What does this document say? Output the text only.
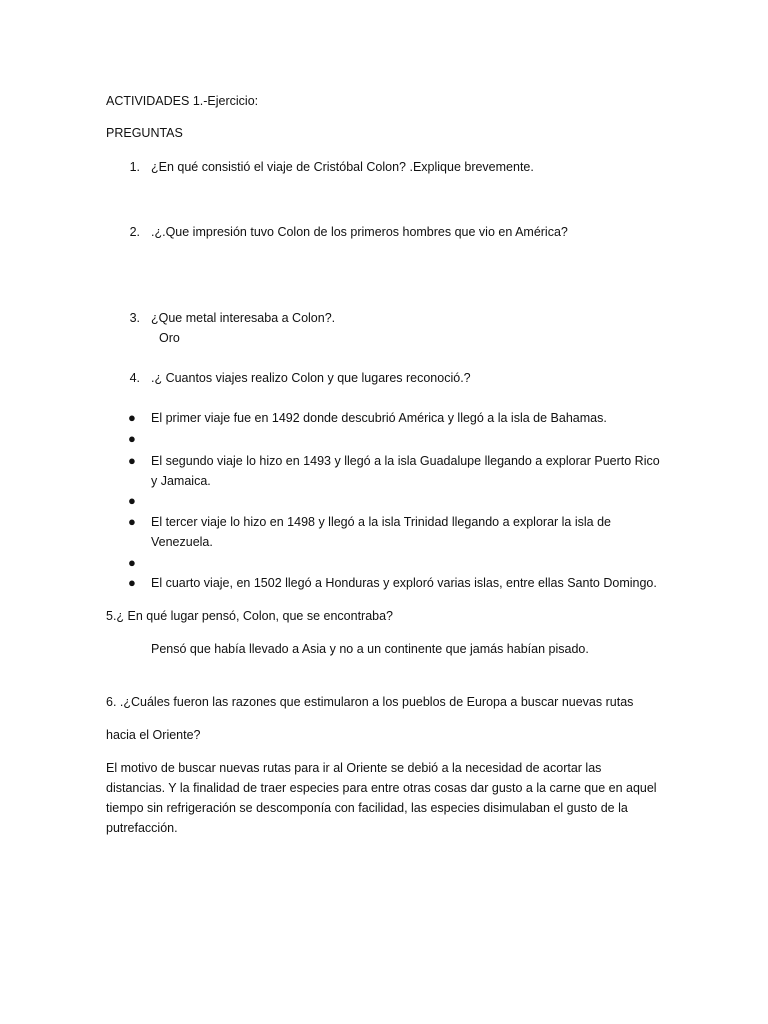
ACTIVIDADES 1.-Ejercicio:
PREGUNTAS
1. ¿En qué consistió el viaje de Cristóbal Colon? .Explique brevemente.
2. .¿.Que impresión tuvo Colon de los primeros hombres que vio en América?
3. ¿Que metal interesaba a Colon?.
Oro
4. .¿ Cuantos viajes realizo Colon y que lugares reconoció.?
● El primer viaje fue en 1492 donde descubrió América y llegó a la isla de Bahamas.
●
● El segundo viaje lo hizo en 1493 y llegó a la isla Guadalupe llegando a explorar Puerto Rico
y Jamaica.
●
● El tercer viaje lo hizo en 1498 y llegó a la isla Trinidad llegando a explorar la isla de
Venezuela.
●
● El cuarto viaje, en 1502 llegó a Honduras y exploró varias islas, entre ellas Santo Domingo.
5.¿ En qué lugar pensó, Colon, que se encontraba?
Pensó que había llevado a Asia y no a un continente que jamás habían pisado.
6. .¿Cuáles fueron las razones que estimularon a los pueblos de Europa a buscar nuevas rutas
hacia el Oriente?
El motivo de buscar nuevas rutas para ir al Oriente se debió a la necesidad de acortar las
distancias. Y la finalidad de traer especies para entre otras cosas dar gusto a la carne que en aquel
tiempo sin refrigeración se descomponía con facilidad, las especies disimulaban el gusto de la
putrefacción.
